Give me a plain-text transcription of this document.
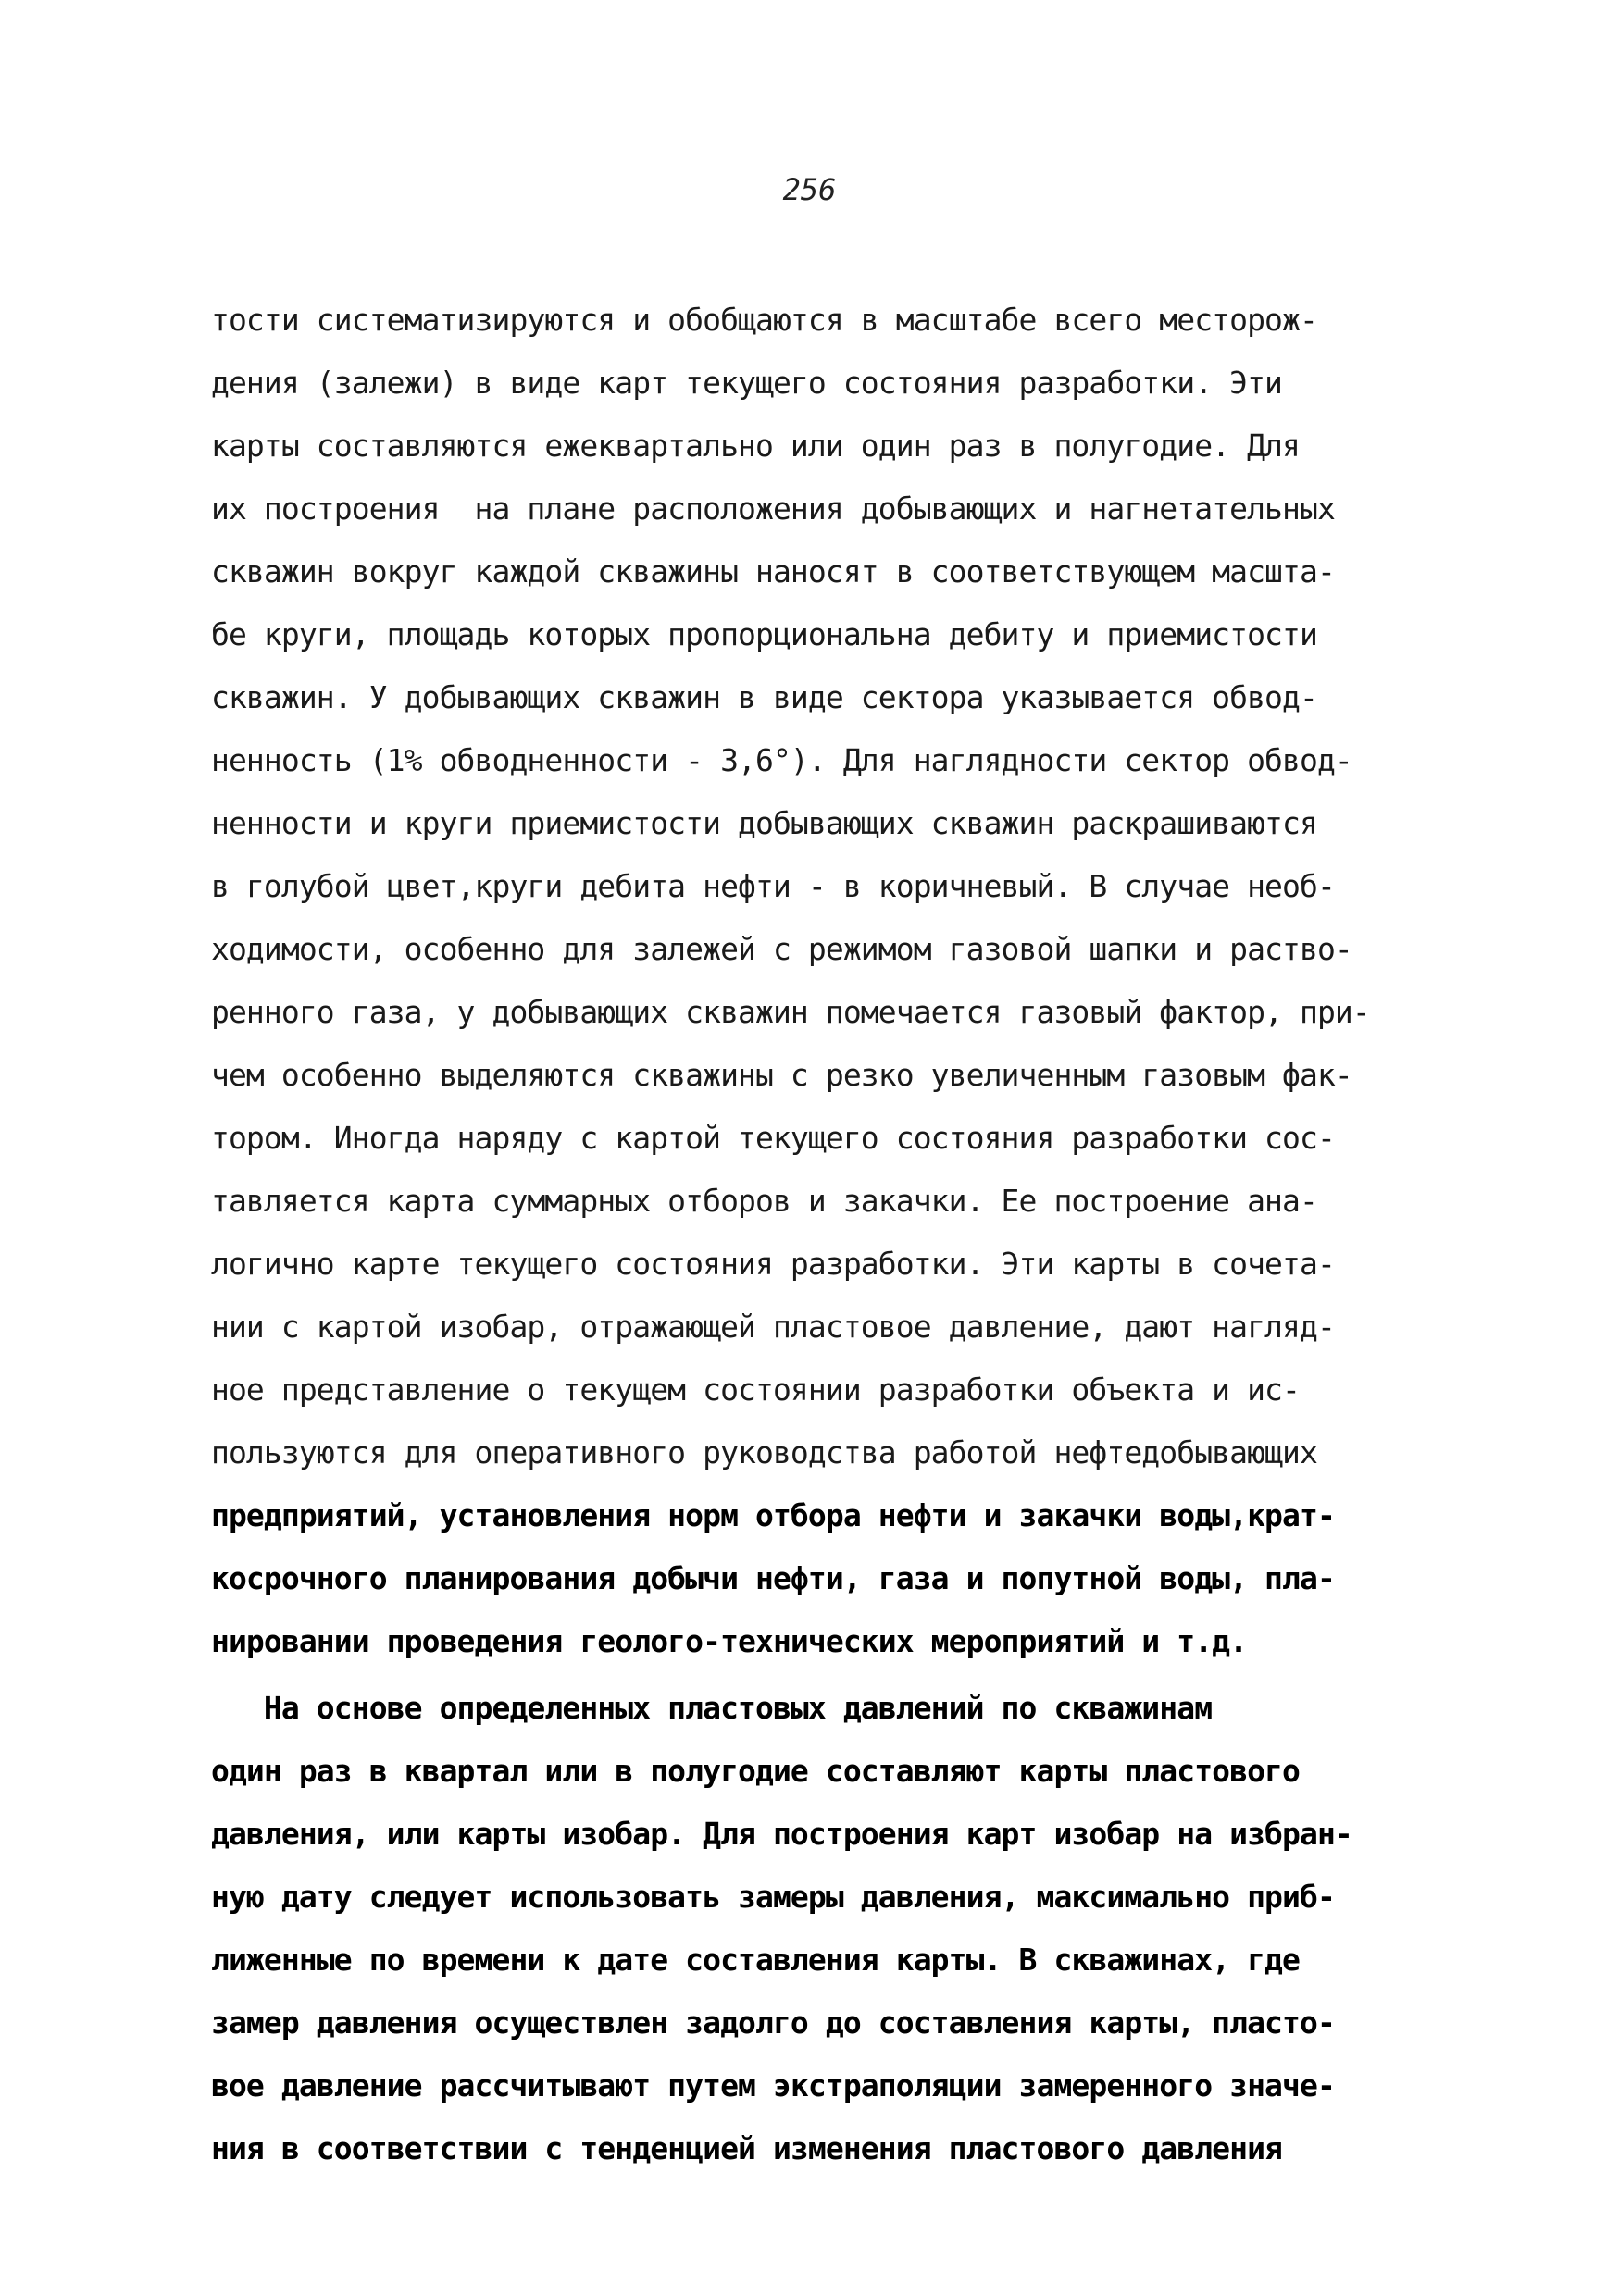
256
тости систематизируются и обобщаются в масштабе всего месторож-
дения (залежи) в виде карт текущего состояния разработки. Эти
карты составляются ежеквартально или один раз в полугодие. Для
их построения  на плане расположения добывающих и нагнетательных
скважин вокруг каждой скважины наносят в соответствующем масшта-
бе круги, площадь которых пропорциональна дебиту и приемистости
скважин. У добывающих скважин в виде сектора указывается обвод-
ненность (1% обводненности - 3,6°). Для наглядности сектор обвод-
ненности и круги приемистости добывающих скважин раскрашиваются
в голубой цвет,круги дебита нефти - в коричневый. В случае необ-
ходимости, особенно для залежей с режимом газовой шапки и раство-
ренного газа, у добывающих скважин помечается газовый фактор, при-
чем особенно выделяются скважины с резко увеличенным газовым фак-
тором. Иногда наряду с картой текущего состояния разработки сос-
тавляется карта суммарных отборов и закачки. Ее построение ана-
логично карте текущего состояния разработки. Эти карты в сочета-
нии с картой изобар, отражающей пластовое давление, дают нагляд-
ное представление о текущем состоянии разработки объекта и ис-
пользуются для оперативного руководства работой нефтедобывающих
предприятий, установления норм отбора нефти и закачки воды,крат-
косрочного планирования добычи нефти, газа и попутной воды, пла-
нировании проведения геолого-технических мероприятий и т.д.
На основе определенных пластовых давлений по скважинам
один раз в квартал или в полугодие составляют карты пластового
давления, или карты изобар. Для построения карт изобар на избран-
ную дату следует использовать замеры давления, максимально приб-
лиженные по времени к дате составления карты. В скважинах, где
замер давления осуществлен задолго до составления карты, пласто-
вое давление рассчитывают путем экстраполяции замеренного значе-
ния в соответствии с тенденцией изменения пластового давления
